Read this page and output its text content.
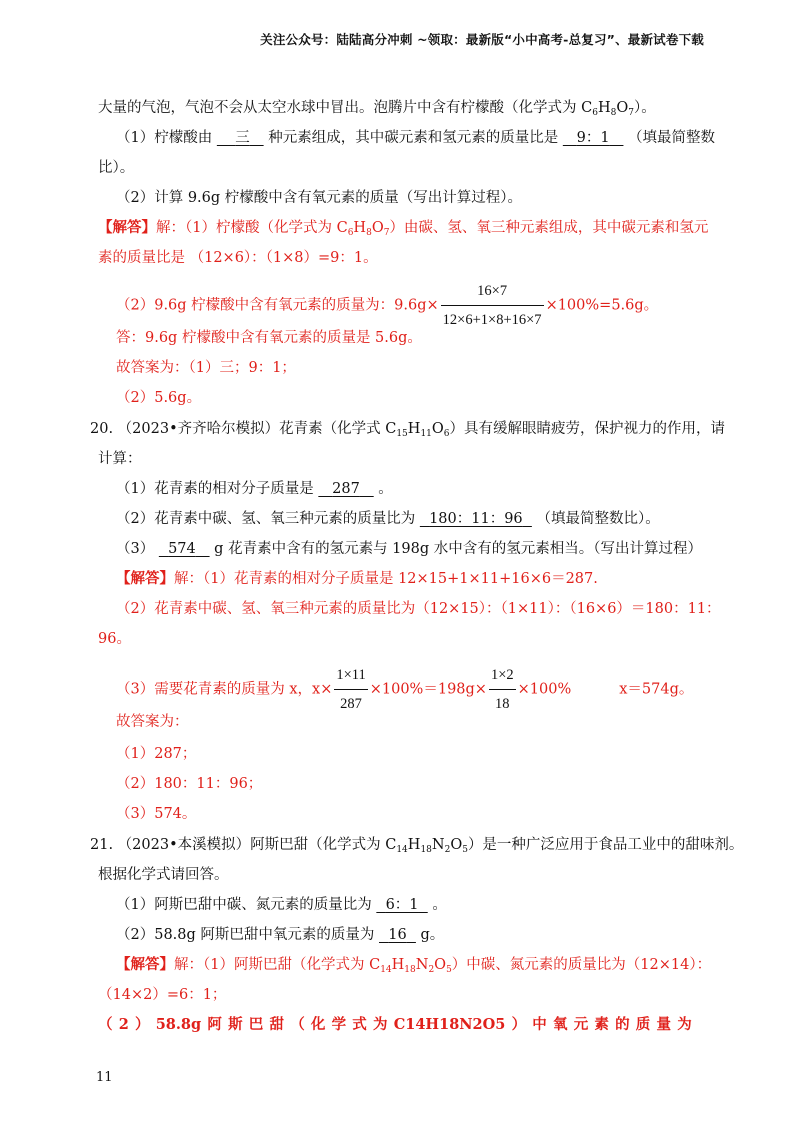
关注公众号：陆陆高分冲刺 ~领取：最新版“小中高考-总复习”、最新试卷下载
大量的气泡，气泡不会从太空水球中冒出。泡腾片中含有柠檬酸（化学式为 $C_6H_8O_7$）。
（1）柠檬酸由     三    种元素组成，其中碳元素和氢元素的质量比是    9：1    （填最简整数
比）。
（2）计算 9.6g 柠檬酸中含有氧元素的质量（写出计算过程）。
【解答】解：（1）柠檬酸（化学式为 $C_6H_8O_7$）由碳、氢、氧三种元素组成，其中碳元素和氢元
素的质量比是 （12×6）：（1×8）=9：1。
（2）9.6g 柠檬酸中含有氧元素的质量为：$9.6g\times \frac{16\times 7}{12\times 6+1\times 8+16\times 7} \times 100\%=5.6g$。
答：9.6g 柠檬酸中含有氧元素的质量是 5.6g。
故答案为：（1）三；9：1；
（2）5.6g。
20. （2023•齐齐哈尔模拟）花青素（化学式 $C_{15}H_{11}O_6$）具有缓解眼睛疲劳，保护视力的作用，请
计算：
（1）花青素的相对分子质量是    287    。
（2）花青素中碳、氢、氧三种元素的质量比为   180：11：96   （填最简整数比）。
（3）   574    g 花青素中含有的氢元素与 198g 水中含有的氢元素相当。（写出计算过程）
【解答】解：（1）花青素的相对分子质量是 12×15+1×11+16×6＝287.
（2）花青素中碳、氢、氧三种元素的质量比为（12×15）：（1×11）：（16×6）＝180：11：
96。
（3）需要花青素的质量为 x，$x\times \frac{1\times 11}{287} \times 100\%=198g\times \frac{1\times 2}{18} \times 100\%$	x＝574g。
故答案为：
（1）287；
（2）180：11：96；
（3）574。
21. （2023•本溪模拟）阿斯巴甜（化学式为 $C_{14}H_{18}N_2O_5$）是一种广泛应用于食品工业中的甜味剂。
根据化学式请回答。
（1）阿斯巴甜中碳、氮元素的质量比为   6：1   。
（2）58.8g 阿斯巴甜中氧元素的质量为   16   g。
【解答】解：（1）阿斯巴甜（化学式为 $C_{14}H_{18}N_2O_5$）中碳、氮元素的质量比为（12×14）：
（14×2）=6：1；
（ 2 ） 58.8g 阿 斯 巴 甜 （ 化 学 式 为 C14H18N2O5 ） 中 氧 元 素 的 质 量 为
11
